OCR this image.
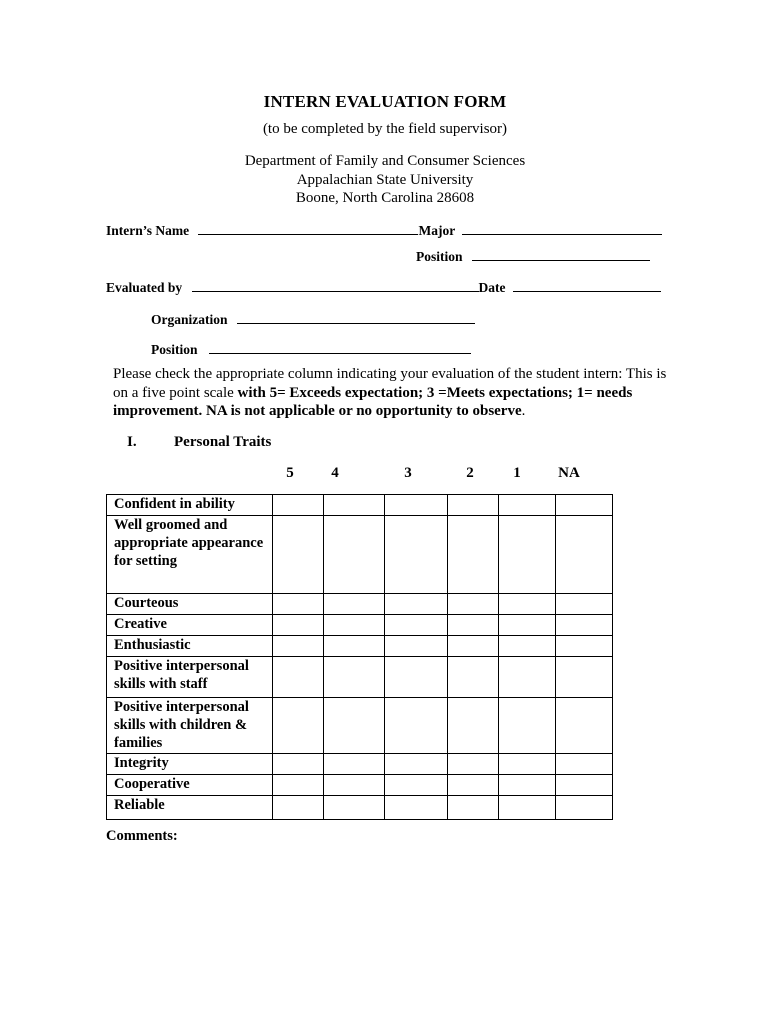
INTERN EVALUATION FORM
(to be completed by the field supervisor)
Department of Family and Consumer Sciences
Appalachian State University
Boone, North Carolina 28608
Intern’s Name	Major
Position
Evaluated by	Date
Organization
Position
Please check the appropriate column indicating your evaluation of the student intern: This is on a five point scale with 5= Exceeds expectation; 3 =Meets expectations; 1= needs improvement. NA is not applicable or no opportunity to observe.
I. Personal Traits
5	4	3	2	1	NA
Confident in ability						
Well groomed and appropriate appearance for setting						
Courteous						
Creative						
Enthusiastic						
Positive interpersonal skills with staff						
Positive interpersonal skills with children & families						
Integrity						
Cooperative						
Reliable						
Comments:
